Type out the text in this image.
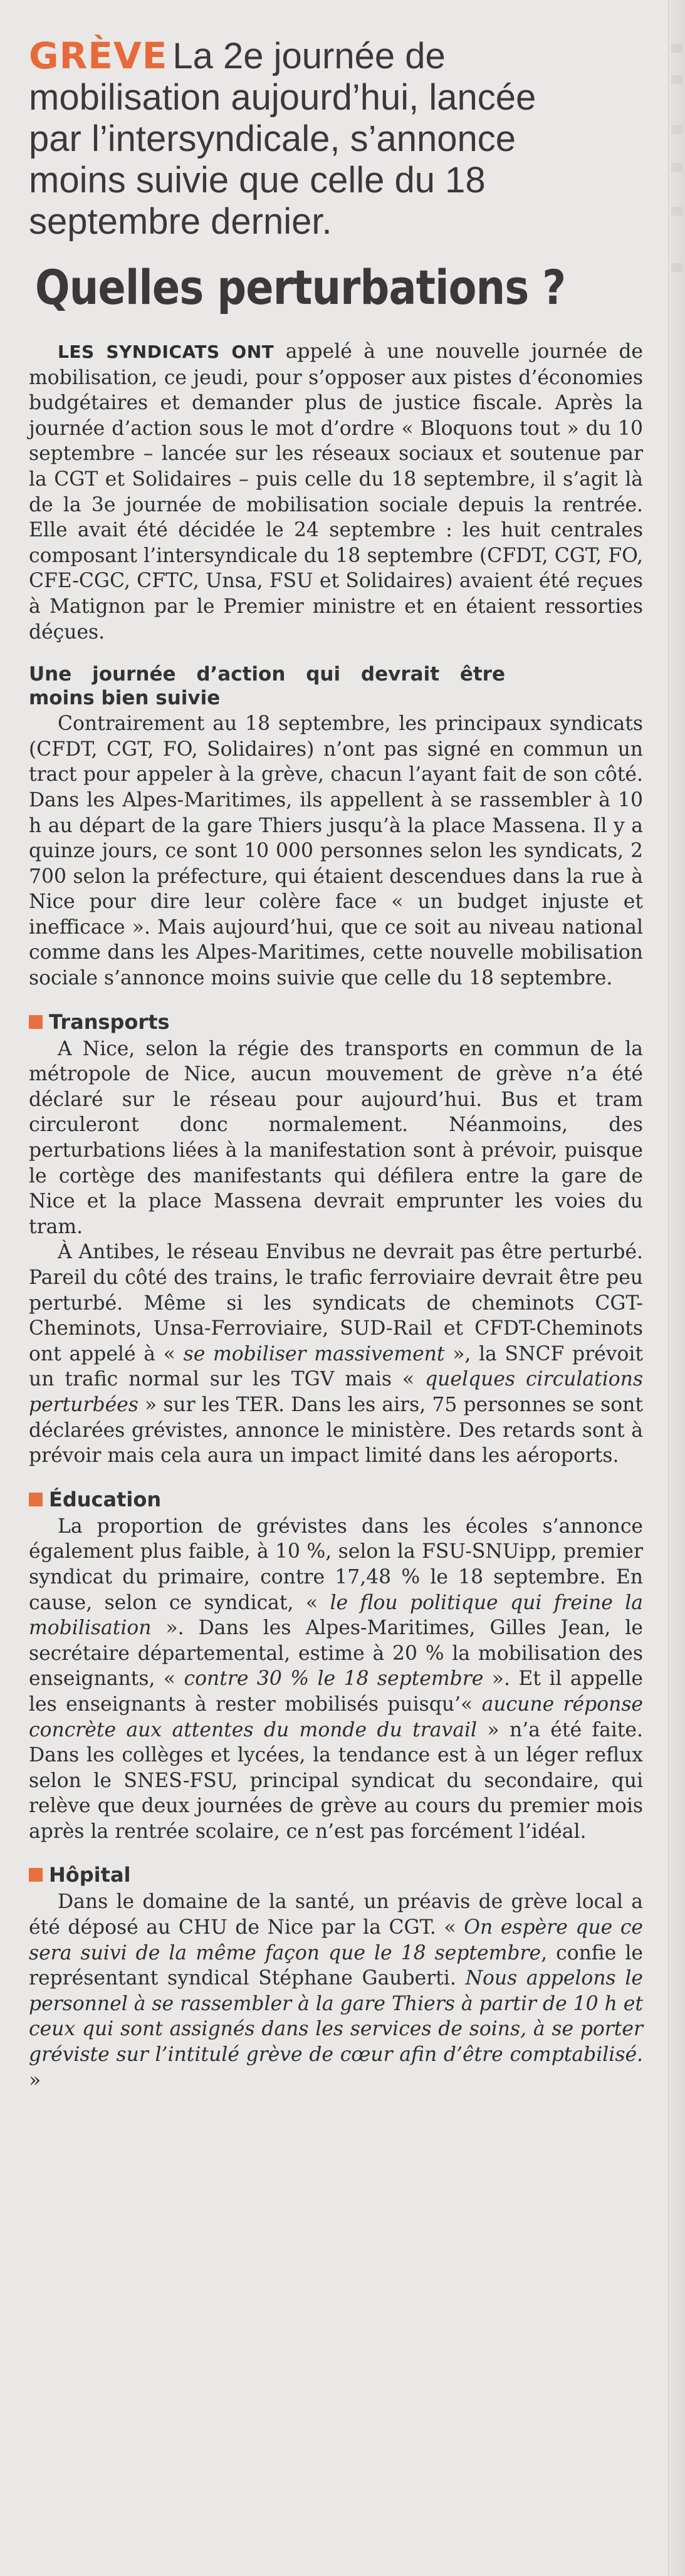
GRÈVE La 2e journée de mobilisation aujourd’hui, lancée par l’intersyndicale, s’annonce moins suivie que celle du 18 septembre dernier.

Quelles perturbations ?

LES SYNDICATS ONT appelé à une nouvelle journée de mobilisation, ce jeudi, pour s’opposer aux pistes d’économies budgétaires et demander plus de justice fiscale. Après la journée d’action sous le mot d’ordre « Bloquons tout » du 10 septembre – lancée sur les réseaux sociaux et soutenue par la CGT et Solidaires – puis celle du 18 septembre, il s’agit là de la 3e journée de mobilisation sociale depuis la rentrée. Elle avait été décidée le 24 septembre : les huit centrales composant l’intersyndicale du 18 septembre (CFDT, CGT, FO, CFE-CGC, CFTC, Unsa, FSU et Solidaires) avaient été reçues à Matignon par le Premier ministre et en étaient ressorties déçues.

Une journée d’action qui devrait être moins bien suivie

Contrairement au 18 septembre, les principaux syndicats (CFDT, CGT, FO, Solidaires) n’ont pas signé en commun un tract pour appeler à la grève, chacun l’ayant fait de son côté. Dans les Alpes-Maritimes, ils appellent à se rassembler à 10 h au départ de la gare Thiers jusqu’à la place Massena. Il y a quinze jours, ce sont 10 000 personnes selon les syndicats, 2 700 selon la préfecture, qui étaient descendues dans la rue à Nice pour dire leur colère face « un budget injuste et inefficace ». Mais aujourd’hui, que ce soit au niveau national comme dans les Alpes-Maritimes, cette nouvelle mobilisation sociale s’annonce moins suivie que celle du 18 septembre.

Transports

A Nice, selon la régie des transports en commun de la métropole de Nice, aucun mouvement de grève n’a été déclaré sur le réseau pour aujourd’hui. Bus et tram circuleront donc normalement. Néanmoins, des perturbations liées à la manifestation sont à prévoir, puisque le cortège des manifestants qui défilera entre la gare de Nice et la place Massena devrait emprunter les voies du tram.

À Antibes, le réseau Envibus ne devrait pas être perturbé. Pareil du côté des trains, le trafic ferroviaire devrait être peu perturbé. Même si les syndicats de cheminots CGT-Cheminots, Unsa-Ferroviaire, SUD-Rail et CFDT-Cheminots ont appelé à « se mobiliser massivement », la SNCF prévoit un trafic normal sur les TGV mais « quelques circulations perturbées » sur les TER. Dans les airs, 75 personnes se sont déclarées grévistes, annonce le ministère. Des retards sont à prévoir mais cela aura un impact limité dans les aéroports.

Éducation

La proportion de grévistes dans les écoles s’annonce également plus faible, à 10 %, selon la FSU-SNUipp, premier syndicat du primaire, contre 17,48 % le 18 septembre. En cause, selon ce syndicat, « le flou politique qui freine la mobilisation ». Dans les Alpes-Maritimes, Gilles Jean, le secrétaire départemental, estime à 20 % la mobilisation des enseignants, « contre 30 % le 18 septembre ». Et il appelle les enseignants à rester mobilisés puisqu’« aucune réponse concrète aux attentes du monde du travail » n’a été faite. Dans les collèges et lycées, la tendance est à un léger reflux selon le SNES-FSU, principal syndicat du secondaire, qui relève que deux journées de grève au cours du premier mois après la rentrée scolaire, ce n’est pas forcément l’idéal.

Hôpital

Dans le domaine de la santé, un préavis de grève local a été déposé au CHU de Nice par la CGT. « On espère que ce sera suivi de la même façon que le 18 septembre, confie le représentant syndical Stéphane Gauberti. Nous appelons le personnel à se rassembler à la gare Thiers à partir de 10 h et ceux qui sont assignés dans les services de soins, à se porter gréviste sur l’intitulé grève de cœur afin d’être comptabilisé. »
